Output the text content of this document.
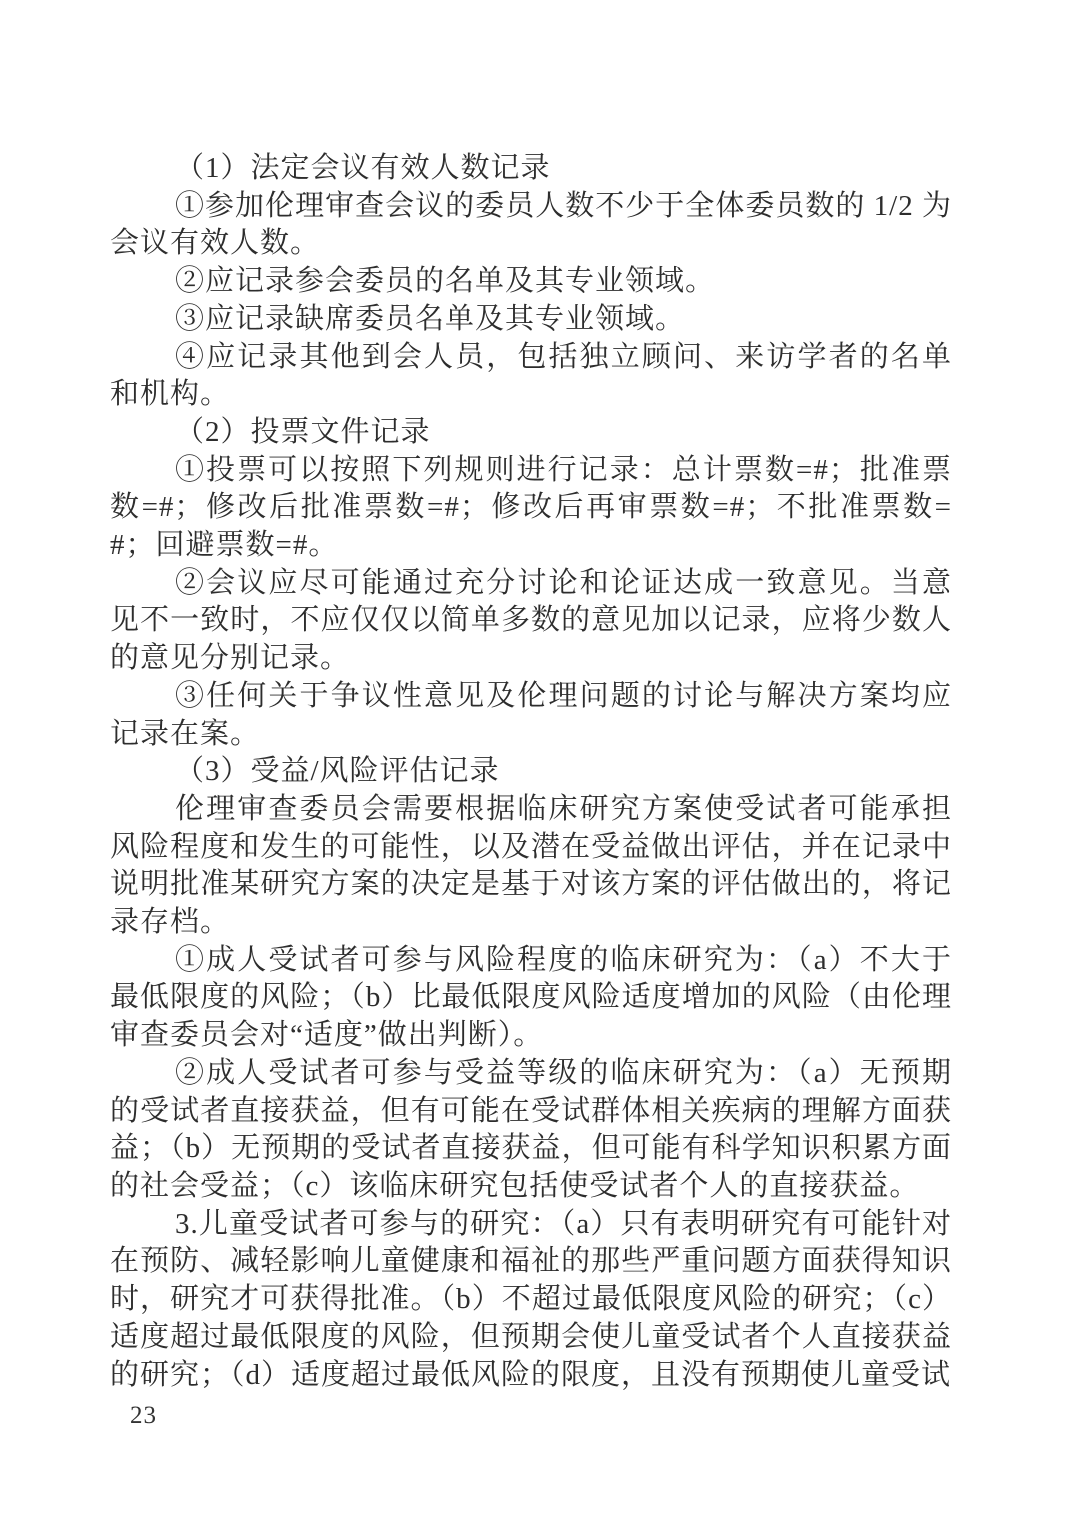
（1）法定会议有效人数记录

①参加伦理审查会议的委员人数不少于全体委员数的 1/2 为会议有效人数。

②应记录参会委员的名单及其专业领域。

③应记录缺席委员名单及其专业领域。

④应记录其他到会人员，包括独立顾问、来访学者的名单和机构。

（2）投票文件记录

①投票可以按照下列规则进行记录：总计票数=#；批准票数=#；修改后批准票数=#；修改后再审票数=#；不批准票数=#；回避票数=#。

②会议应尽可能通过充分讨论和论证达成一致意见。当意见不一致时，不应仅仅以简单多数的意见加以记录，应将少数人的意见分别记录。

③任何关于争议性意见及伦理问题的讨论与解决方案均应记录在案。

（3）受益/风险评估记录

伦理审查委员会需要根据临床研究方案使受试者可能承担风险程度和发生的可能性，以及潜在受益做出评估，并在记录中说明批准某研究方案的决定是基于对该方案的评估做出的，将记录存档。

①成人受试者可参与风险程度的临床研究为：（a）不大于最低限度的风险；（b）比最低限度风险适度增加的风险（由伦理审查委员会对“适度”做出判断）。

②成人受试者可参与受益等级的临床研究为：（a）无预期的受试者直接获益，但有可能在受试群体相关疾病的理解方面获益；（b）无预期的受试者直接获益，但可能有科学知识积累方面的社会受益；（c）该临床研究包括使受试者个人的直接获益。

3.儿童受试者可参与的研究：（a）只有表明研究有可能针对在预防、减轻影响儿童健康和福祉的那些严重问题方面获得知识时，研究才可获得批准。（b）不超过最低限度风险的研究；（c）适度超过最低限度的风险，但预期会使儿童受试者个人直接获益的研究；（d）适度超过最低风险的限度，且没有预期使儿童受试

23
